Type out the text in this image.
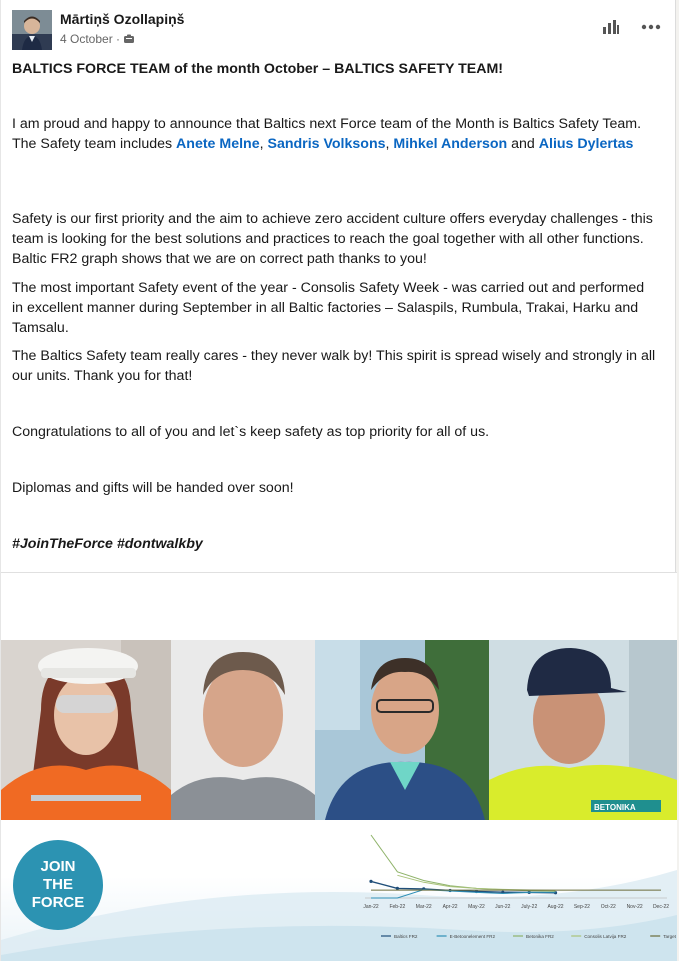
Mārtiņš Ozollapiņš
4 October ·

BALTICS FORCE TEAM of the month October – BALTICS SAFETY TEAM!

I am proud and happy to announce that Baltics next Force team of the Month is Baltics Safety Team. The Safety team includes Anete Melne, Sandris Volksons, Mihkel Anderson and Alius Dylertas

Safety is our first priority and the aim to achieve zero accident culture offers everyday challenges - this team is looking for the best solutions and practices to reach the goal together with all other functions. Baltic FR2 graph shows that we are on correct path thanks to you!

The most important Safety event of the year - Consolis Safety Week - was carried out and performed in excellent manner during September in all Baltic factories – Salaspils, Rumbula, Trakai, Harku and Tamsalu.

The Baltics Safety team really cares - they never walk by! This spirit is spread wisely and strongly in all our units. Thank you for that!

Congratulations to all of you and let`s keep safety as top priority for all of us.

Diplomas and gifts will be handed over soon!

#JoinTheForce #dontwalkby

BETONIKA
JOIN
THE
FORCE	Jan-22 Feb-22 Mar-22 Apr-22 May-22 Jun-22 July-22 Aug-22 Sep-22 Oct-22 Nov-22 Dec-22
Baltics FR2	E-Betoonelement FR2	Betonika FR2	Consolis Latvija FR2	Target
